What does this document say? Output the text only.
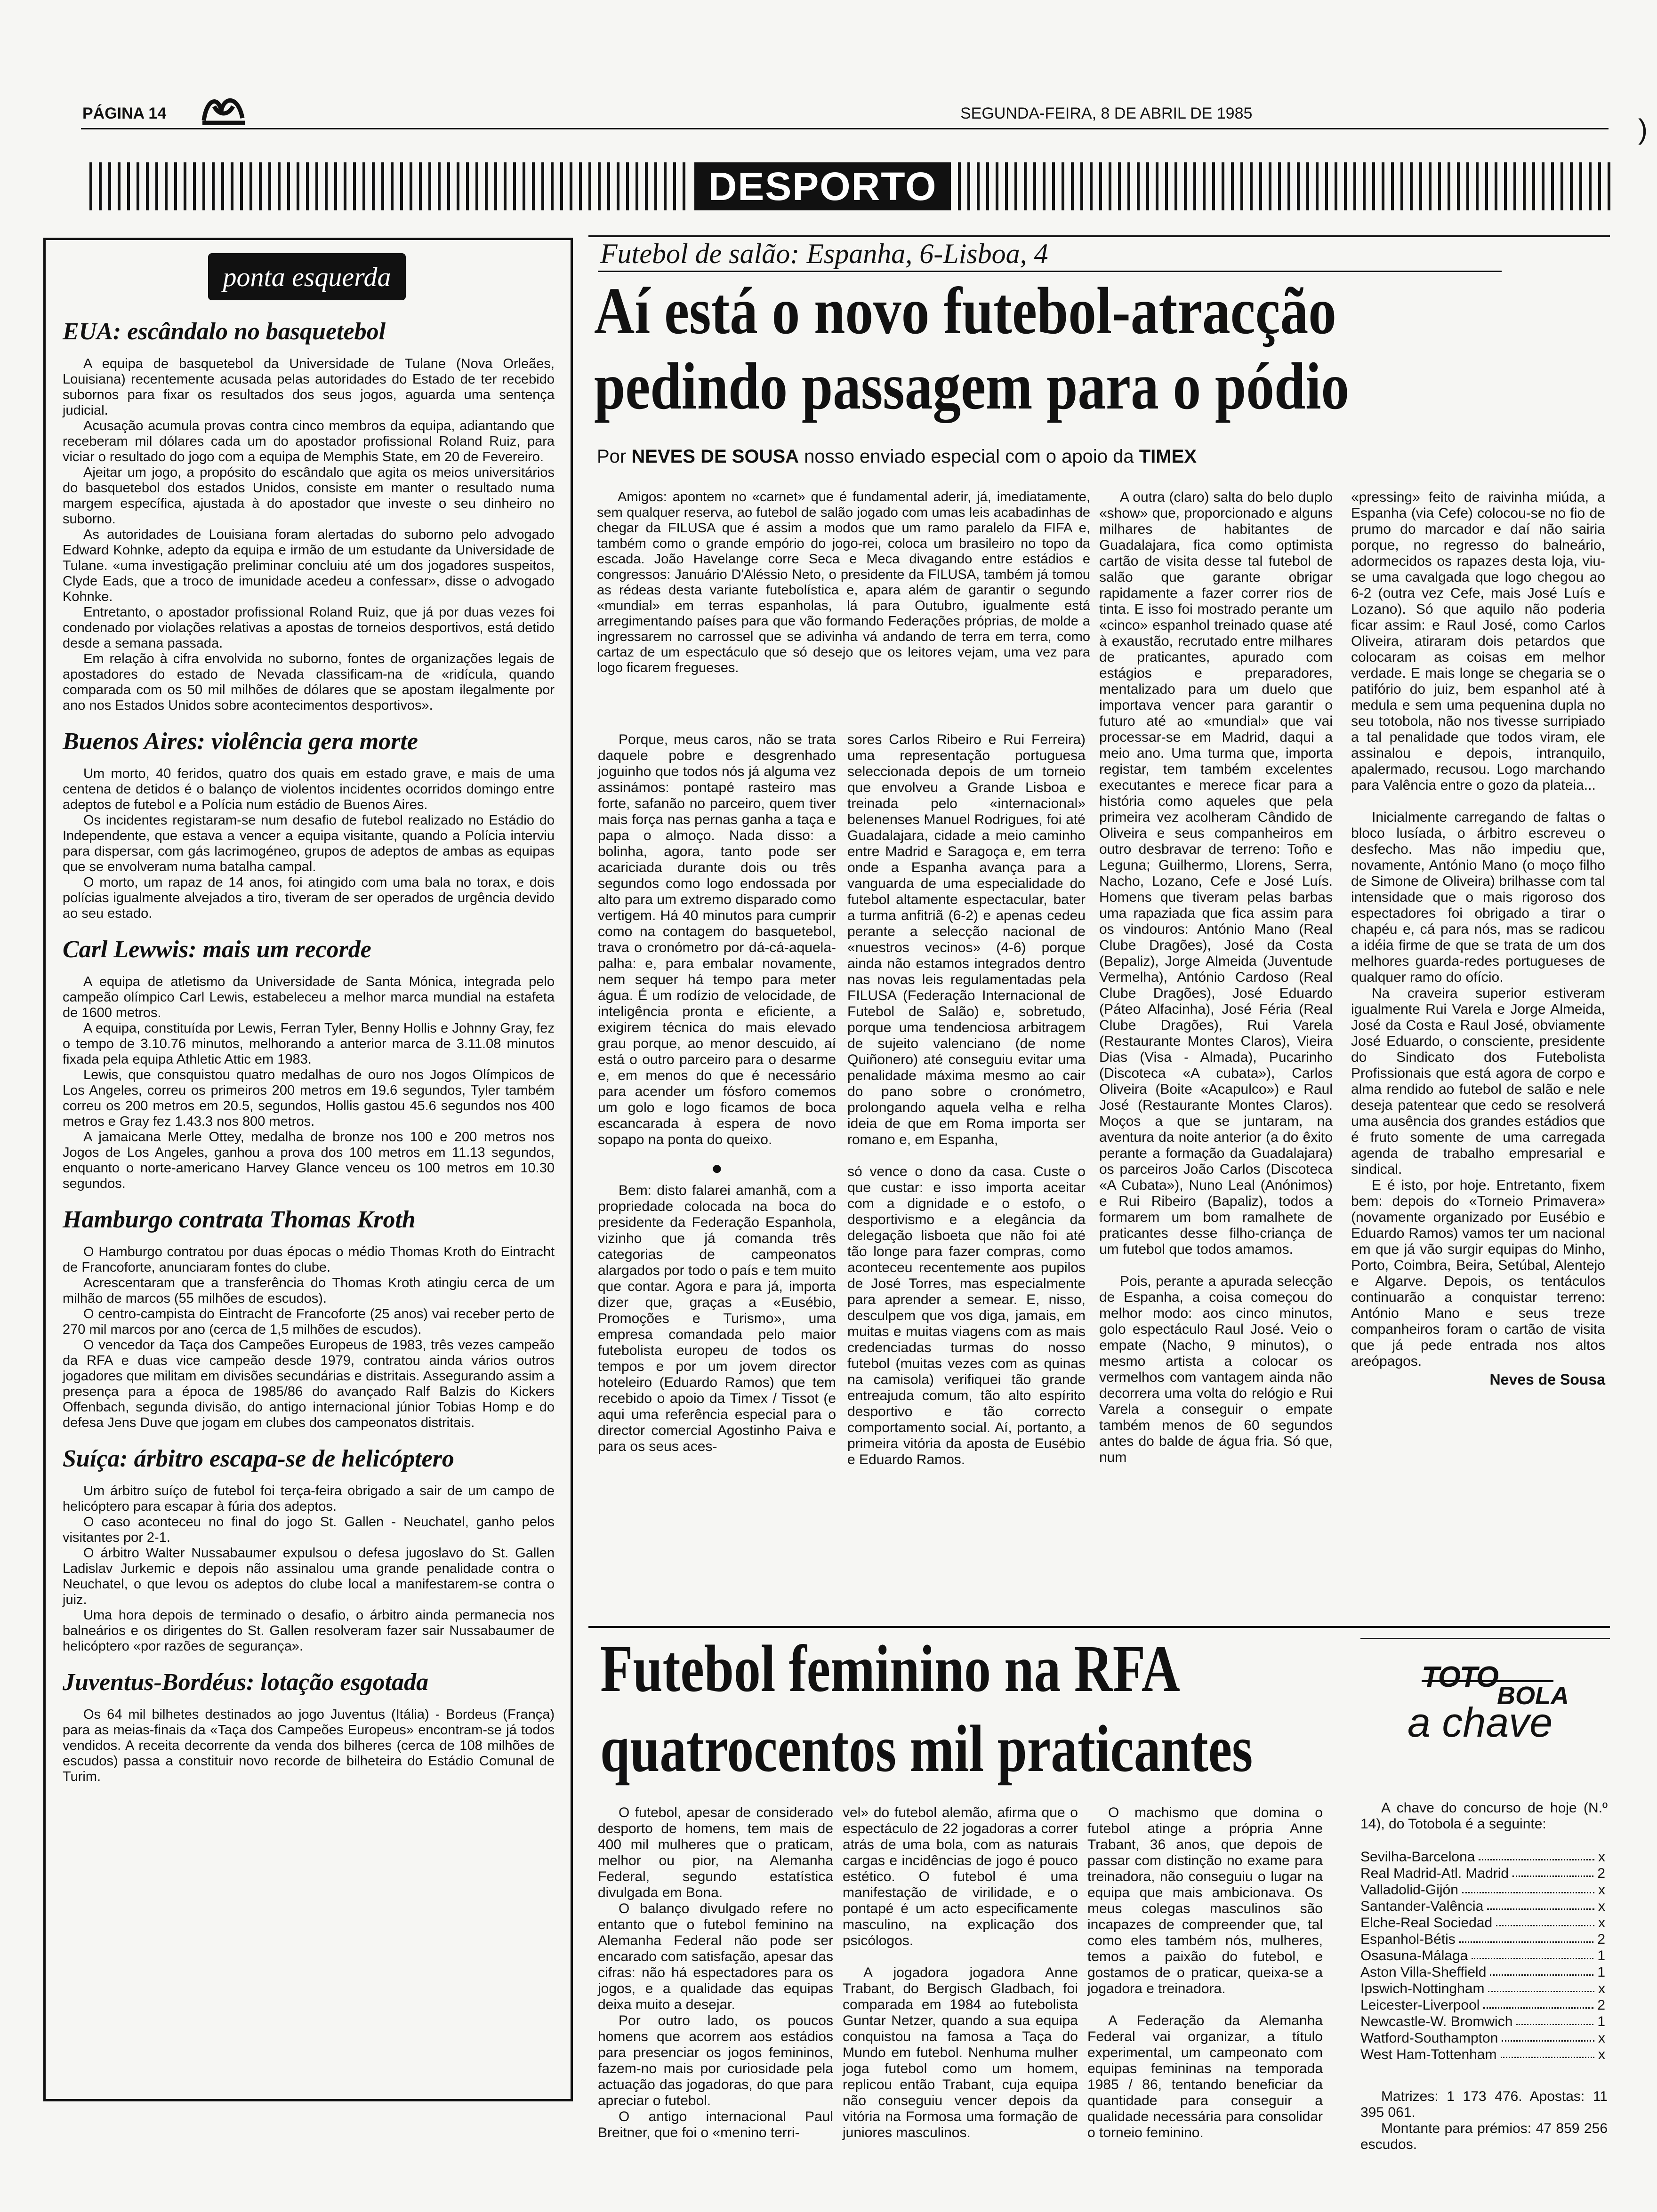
PÁGINA 14	SEGUNDA-FEIRA, 8 DE ABRIL DE 1985	)
DESPORTO
ponta esquerda
EUA: escândalo no basquetebol

A equipa de basquetebol da Universidade de Tulane (Nova Orleães, Louisiana) recentemente acusada pelas autoridades do Estado de ter recebido subornos para fixar os resultados dos seus jogos, aguarda uma sentença judicial.

Acusação acumula provas contra cinco membros da equipa, adiantando que receberam mil dólares cada um do apostador profissional Roland Ruiz, para viciar o resultado do jogo com a equipa de Memphis State, em 20 de Fevereiro.

Ajeitar um jogo, a propósito do escândalo que agita os meios universitários do basquetebol dos estados Unidos, consiste em manter o resultado numa margem específica, ajustada à do apostador que investe o seu dinheiro no suborno.

As autoridades de Louisiana foram alertadas do suborno pelo advogado Edward Kohnke, adepto da equipa e irmão de um estudante da Universidade de Tulane. «uma investigação preliminar concluiu até um dos jogadores suspeitos, Clyde Eads, que a troco de imunidade acedeu a confessar», disse o advogado Kohnke.

Entretanto, o apostador profissional Roland Ruiz, que já por duas vezes foi condenado por violações relativas a apostas de torneios desportivos, está detido desde a semana passada.

Em relação à cifra envolvida no suborno, fontes de organizações legais de apostadores do estado de Nevada classificam-na de «ridícula, quando comparada com os 50 mil milhões de dólares que se apostam ilegalmente por ano nos Estados Unidos sobre acontecimentos desportivos».

Buenos Aires: violência gera morte

Um morto, 40 feridos, quatro dos quais em estado grave, e mais de uma centena de detidos é o balanço de violentos incidentes ocorridos domingo entre adeptos de futebol e a Polícia num estádio de Buenos Aires.

Os incidentes registaram-se num desafio de futebol realizado no Estádio do Independente, que estava a vencer a equipa visitante, quando a Polícia interviu para dispersar, com gás lacrimogéneo, grupos de adeptos de ambas as equipas que se envolveram numa batalha campal.

O morto, um rapaz de 14 anos, foi atingido com uma bala no torax, e dois polícias igualmente alvejados a tiro, tiveram de ser operados de urgência devido ao seu estado.

Carl Lewwis: mais um recorde

A equipa de atletismo da Universidade de Santa Mónica, integrada pelo campeão olímpico Carl Lewis, estabeleceu a melhor marca mundial na estafeta de 1600 metros.

A equipa, constituída por Lewis, Ferran Tyler, Benny Hollis e Johnny Gray, fez o tempo de 3.10.76 minutos, melhorando a anterior marca de 3.11.08 minutos fixada pela equipa Athletic Attic em 1983.

Lewis, que consquistou quatro medalhas de ouro nos Jogos Olímpicos de Los Angeles, correu os primeiros 200 metros em 19.6 segundos, Tyler também correu os 200 metros em 20.5, segundos, Hollis gastou 45.6 segundos nos 400 metros e Gray fez 1.43.3 nos 800 metros.

A jamaicana Merle Ottey, medalha de bronze nos 100 e 200 metros nos Jogos de Los Angeles, ganhou a prova dos 100 metros em 11.13 segundos, enquanto o norte-americano Harvey Glance venceu os 100 metros em 10.30 segundos.

Hamburgo contrata Thomas Kroth

O Hamburgo contratou por duas épocas o médio Thomas Kroth do Eintracht de Francoforte, anunciaram fontes do clube.

Acrescentaram que a transferência do Thomas Kroth atingiu cerca de um milhão de marcos (55 milhões de escudos).

O centro-campista do Eintracht de Francoforte (25 anos) vai receber perto de 270 mil marcos por ano (cerca de 1,5 milhões de escudos).

O vencedor da Taça dos Campeões Europeus de 1983, três vezes campeão da RFA e duas vice campeão desde 1979, contratou ainda vários outros jogadores que militam em divisões secundárias e distritais. Assegurando assim a presença para a época de 1985/86 do avançado Ralf Balzis do Kickers Offenbach, segunda divisão, do antigo internacional júnior Tobias Homp e do defesa Jens Duve que jogam em clubes dos campeonatos distritais.

Suíça: árbitro escapa-se de helicóptero

Um árbitro suíço de futebol foi terça-feira obrigado a sair de um campo de helicóptero para escapar à fúria dos adeptos.

O caso aconteceu no final do jogo St. Gallen - Neuchatel, ganho pelos visitantes por 2-1.

O árbitro Walter Nussabaumer expulsou o defesa jugoslavo do St. Gallen Ladislav Jurkemic e depois não assinalou uma grande penalidade contra o Neuchatel, o que levou os adeptos do clube local a manifestarem-se contra o juiz.

Uma hora depois de terminado o desafio, o árbitro ainda permanecia nos balneários e os dirigentes do St. Gallen resolveram fazer sair Nussabaumer de helicóptero «por razões de segurança».

Juventus-Bordéus: lotação esgotada

Os 64 mil bilhetes destinados ao jogo Juventus (Itália) - Bordeus (França) para as meias-finais da «Taça dos Campeões Europeus» encontram-se já todos vendidos. A receita decorrente da venda dos bilheres (cerca de 108 milhões de escudos) passa a constituir novo recorde de bilheteira do Estádio Comunal de Turim.

Futebol de salão: Espanha, 6-Lisboa, 4
Aí está o novo futebol-atracção
pedindo passagem para o pódio
Por NEVES DE SOUSA nosso enviado especial com o apoio da TIMEX

Amigos: apontem no «carnet» que é fundamental aderir, já, imediatamente, sem qualquer reserva, ao futebol de salão jogado com umas leis acabadinhas de chegar da FILUSA que é assim a modos que um ramo paralelo da FIFA e, também como o grande empório do jogo-rei, coloca um brasileiro no topo da escada. João Havelange corre Seca e Meca divagando entre estádios e congressos: Januário D'Aléssio Neto, o presidente da FILUSA, também já tomou as rédeas desta variante futebolística e, apara além de garantir o segundo «mundial» em terras espanholas, lá para Outubro, igualmente está arregimentando países para que vão formando Federações próprias, de molde a ingressarem no carrossel que se adivinha vá andando de terra em terra, como cartaz de um espectáculo que só desejo que os leitores vejam, uma vez para logo ficarem fregueses.

Porque, meus caros, não se trata daquele pobre e desgrenhado joguinho que todos nós já alguma vez assinámos: pontapé rasteiro mas forte, safanão no parceiro, quem tiver mais força nas pernas ganha a taça e papa o almoço. Nada disso: a bolinha, agora, tanto pode ser acariciada durante dois ou três segundos como logo endossada por alto para um extremo disparado como vertigem. Há 40 minutos para cumprir como na contagem do basquetebol, trava o cronómetro por dá-cá-aquela-palha: e, para embalar novamente, nem sequer há tempo para meter água. É um rodízio de velocidade, de inteligência pronta e eficiente, a exigirem técnica do mais elevado grau porque, ao menor descuido, aí está o outro parceiro para o desarme e, em menos do que é necessário para acender um fósforo comemos um golo e logo ficamos de boca escancarada à espera de novo sopapo na ponta do queixo.

●

Bem: disto falarei amanhã, com a propriedade colocada na boca do presidente da Federação Espanhola, vizinho que já comanda três categorias de campeonatos alargados por todo o país e tem muito que contar. Agora e para já, importa dizer que, graças a «Eusébio, Promoções e Turismo», uma empresa comandada pelo maior futebolista europeu de todos os tempos e por um jovem director hoteleiro (Eduardo Ramos) que tem recebido o apoio da Timex / Tissot (e aqui uma referência especial para o director comercial Agostinho Paiva e para os seus aces-

sores Carlos Ribeiro e Rui Ferreira) uma representação portuguesa seleccionada depois de um torneio que envolveu a Grande Lisboa e treinada pelo «internacional» belenenses Manuel Rodrigues, foi até Guadalajara, cidade a meio caminho entre Madrid e Saragoça e, em terra onde a Espanha avança para a vanguarda de uma especialidade do futebol altamente espectacular, bater a turma anfitriã (6-2) e apenas cedeu perante a selecção nacional de «nuestros vecinos» (4-6) porque ainda não estamos integrados dentro nas novas leis regulamentadas pela FILUSA (Federação Internacional de Futebol de Salão) e, sobretudo, porque uma tendenciosa arbitragem de sujeito valenciano (de nome Quiñonero) até conseguiu evitar uma penalidade máxima mesmo ao cair do pano sobre o cronómetro, prolongando aquela velha e relha ideia de que em Roma importa ser romano e, em Espanha,

só vence o dono da casa. Custe o que custar: e isso importa aceitar com a dignidade e o estofo, o desportivismo e a elegância da delegação lisboeta que não foi até tão longe para fazer compras, como aconteceu recentemente aos pupilos de José Torres, mas especialmente para aprender a semear. E, nisso, desculpem que vos diga, jamais, em muitas e muitas viagens com as mais credenciadas turmas do nosso futebol (muitas vezes com as quinas na camisola) verifiquei tão grande entreajuda comum, tão alto espírito desportivo e tão correcto comportamento social. Aí, portanto, a primeira vitória da aposta de Eusébio e Eduardo Ramos.

A outra (claro) salta do belo duplo «show» que, proporcionado e alguns milhares de habitantes de Guadalajara, fica como optimista cartão de visita desse tal futebol de salão que garante obrigar rapidamente a fazer correr rios de tinta. E isso foi mostrado perante um «cinco» espanhol treinado quase até à exaustão, recrutado entre milhares de praticantes, apurado com estágios e preparadores, mentalizado para um duelo que importava vencer para garantir o futuro até ao «mundial» que vai processar-se em Madrid, daqui a meio ano. Uma turma que, importa registar, tem também excelentes executantes e merece ficar para a história como aqueles que pela primeira vez acolheram Cândido de Oliveira e seus companheiros em outro desbravar de terreno: Toño e Leguna; Guilhermo, Llorens, Serra, Nacho, Lozano, Cefe e José Luís. Homens que tiveram pelas barbas uma rapaziada que fica assim para os vindouros: António Mano (Real Clube Dragões), José da Costa (Bepaliz), Jorge Almeida (Juventude Vermelha), António Cardoso (Real Clube Dragões), José Eduardo (Páteo Alfacinha), José Féria (Real Clube Dragões), Rui Varela (Restaurante Montes Claros), Vieira Dias (Visa - Almada), Pucarinho (Discoteca «A cubata»), Carlos Oliveira (Boite «Acapulco») e Raul José (Restaurante Montes Claros). Moços a que se juntaram, na aventura da noite anterior (a do êxito perante a formação da Guadalajara) os parceiros João Carlos (Discoteca «A Cubata»), Nuno Leal (Anónimos) e Rui Ribeiro (Bapaliz), todos a formarem um bom ramalhete de praticantes desse filho-criança de um futebol que todos amamos.

Pois, perante a apurada selecção de Espanha, a coisa começou do melhor modo: aos cinco minutos, golo espectáculo Raul José. Veio o empate (Nacho, 9 minutos), o mesmo artista a colocar os vermelhos com vantagem ainda não decorrera uma volta do relógio e Rui Varela a conseguir o empate também menos de 60 segundos antes do balde de água fria. Só que, num

«pressing» feito de raivinha miúda, a Espanha (via Cefe) colocou-se no fio de prumo do marcador e daí não sairia porque, no regresso do balneário, adormecidos os rapazes desta loja, viu-se uma cavalgada que logo chegou ao 6-2 (outra vez Cefe, mais José Luís e Lozano). Só que aquilo não poderia ficar assim: e Raul José, como Carlos Oliveira, atiraram dois petardos que colocaram as coisas em melhor verdade. E mais longe se chegaria se o patifório do juiz, bem espanhol até à medula e sem uma pequenina dupla no seu totobola, não nos tivesse surripiado a tal penalidade que todos viram, ele assinalou e depois, intranquilo, apalermado, recusou. Logo marchando para Valência entre o gozo da plateia...

Inicialmente carregando de faltas o bloco lusíada, o árbitro escreveu o desfecho. Mas não impediu que, novamente, António Mano (o moço filho de Simone de Oliveira) brilhasse com tal intensidade que o mais rigoroso dos espectadores foi obrigado a tirar o chapéu e, cá para nós, mas se radicou a idéia firme de que se trata de um dos melhores guarda-redes portugueses de qualquer ramo do ofício.

Na craveira superior estiveram igualmente Rui Varela e Jorge Almeida, José da Costa e Raul José, obviamente José Eduardo, o consciente, presidente do Sindicato dos Futebolista Profissionais que está agora de corpo e alma rendido ao futebol de salão e nele deseja patentear que cedo se resolverá uma ausência dos grandes estádios que é fruto somente de uma carregada agenda de trabalho empresarial e sindical.

E é isto, por hoje. Entretanto, fixem bem: depois do «Torneio Primavera» (novamente organizado por Eusébio e Eduardo Ramos) vamos ter um nacional em que já vão surgir equipas do Minho, Porto, Coimbra, Beira, Setúbal, Alentejo e Algarve. Depois, os tentáculos continuarão a conquistar terreno: António Mano e seus treze companheiros foram o cartão de visita que já pede entrada nos altos areópagos.

Neves de Sousa
Futebol feminino na RFA
quatrocentos mil praticantes

O futebol, apesar de considerado desporto de homens, tem mais de 400 mil mulheres que o praticam, melhor ou pior, na Alemanha Federal, segundo estatística divulgada em Bona.

O balanço divulgado refere no entanto que o futebol feminino na Alemanha Federal não pode ser encarado com satisfação, apesar das cifras: não há espectadores para os jogos, e a qualidade das equipas deixa muito a desejar.

Por outro lado, os poucos homens que acorrem aos estádios para presenciar os jogos femininos, fazem-no mais por curiosidade pela actuação das jogadoras, do que para apreciar o futebol.

O antigo internacional Paul Breitner, que foi o «menino terri-

vel» do futebol alemão, afirma que o espectáculo de 22 jogadoras a correr atrás de uma bola, com as naturais cargas e incidências de jogo é pouco estético. O futebol é uma manifestação de virilidade, e o pontapé é um acto especificamente masculino, na explicação dos psicólogos.

A jogadora jogadora Anne Trabant, do Bergisch Gladbach, foi comparada em 1984 ao futebolista Guntar Netzer, quando a sua equipa conquistou na famosa a Taça do Mundo em futebol. Nenhuma mulher joga futebol como um homem, replicou então Trabant, cuja equipa não conseguiu vencer depois da vitória na Formosa uma formação de juniores masculinos.

O machismo que domina o futebol atinge a própria Anne Trabant, 36 anos, que depois de passar com distinção no exame para treinadora, não conseguiu o lugar na equipa que mais ambicionava. Os meus colegas masculinos são incapazes de compreender que, tal como eles também nós, mulheres, temos a paixão do futebol, e gostamos de o praticar, queixa-se a jogadora e treinadora.

A Federação da Alemanha Federal vai organizar, a título experimental, um campeonato com equipas femininas na temporada 1985 / 86, tentando beneficiar da quantidade para conseguir a qualidade necessária para consolidar o torneio feminino.

TOTO
BOLA
a chave

A chave do concurso de hoje (N.º 14), do Totobola é a seguinte:

Sevilha-Barcelona	x
Real Madrid-Atl. Madrid	2
Valladolid-Gijón	x
Santander-Valência	x
Elche-Real Sociedad	x
Espanhol-Bétis	2
Osasuna-Málaga	1
Aston Villa-Sheffield	1
Ipswich-Nottingham	x
Leicester-Liverpool	2
Newcastle-W. Bromwich	1
Watford-Southampton	x
West Ham-Tottenham	x

Matrizes: 1 173 476. Apostas: 11 395 061.

Montante para prémios: 47 859 256 escudos.
